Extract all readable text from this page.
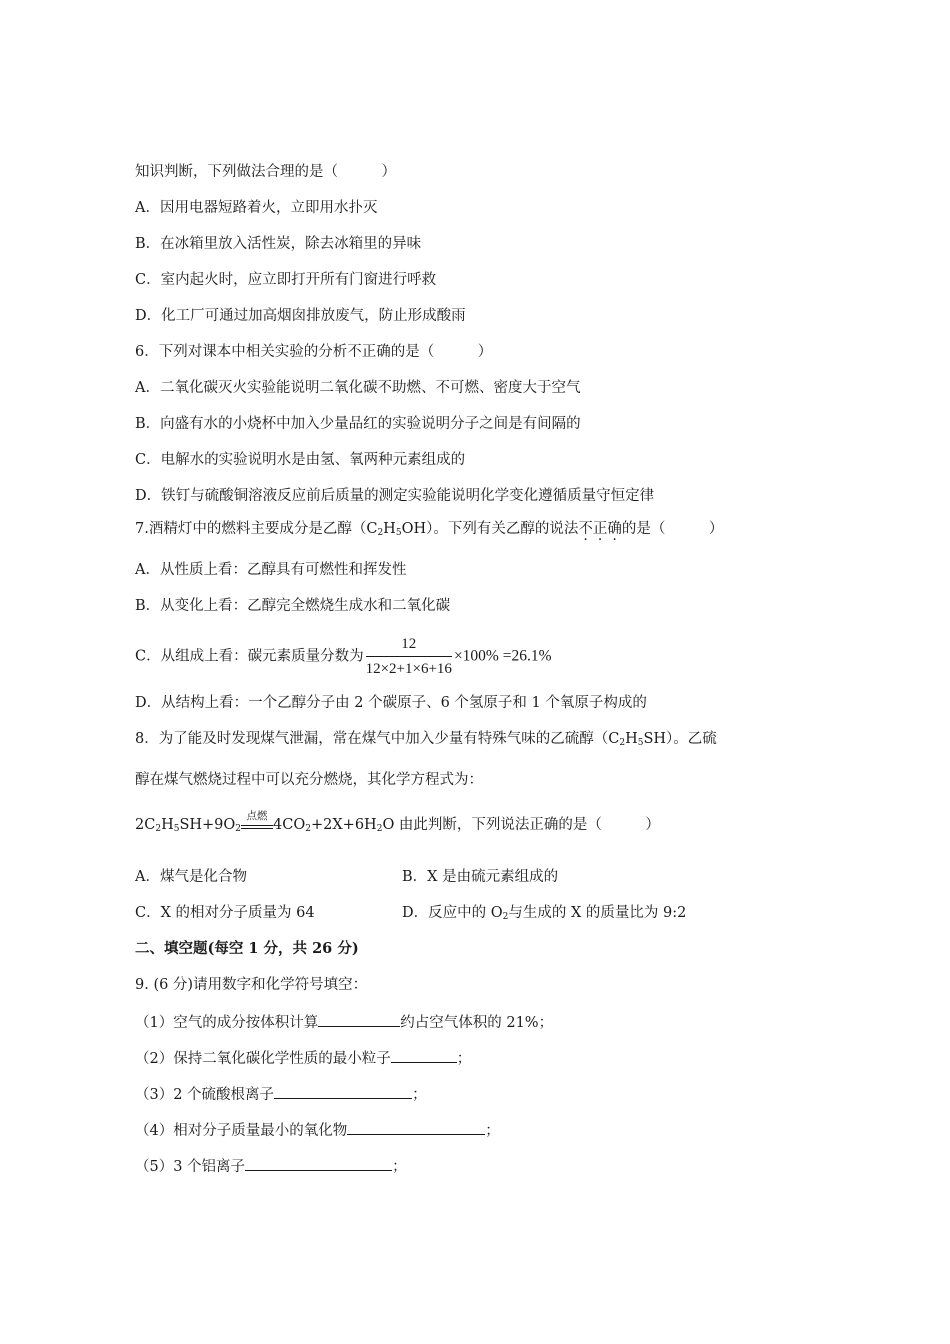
知识判断，下列做法合理的是（　　　）
A．因用电器短路着火，立即用水扑灭
B．在冰箱里放入活性炭，除去冰箱里的异味
C．室内起火时，应立即打开所有门窗进行呼救
D．化工厂可通过加高烟囱排放废气，防止形成酸雨
6．下列对课本中相关实验的分析不正确的是（　　　）
A．二氧化碳灭火实验能说明二氧化碳不助燃、不可燃、密度大于空气
B．向盛有水的小烧杯中加入少量品红的实验说明分子之间是有间隔的
C．电解水的实验说明水是由氢、氧两种元素组成的
D．铁钉与硫酸铜溶液反应前后质量的测定实验能说明化学变化遵循质量守恒定律
7.酒精灯中的燃料主要成分是乙醇$(C_2H_5OH)$。下列有关乙醇的说法不正确的是（　　　）
A．从性质上看：乙醇具有可燃性和挥发性
B．从变化上看：乙醇完全燃烧生成水和二氧化碳
C．从组成上看：碳元素质量分数为 $\frac{12}{12\times 2+1\times 6+16} \times 100\% =26.1\%$
D．从结构上看：一个乙醇分子由 2 个碳原子、6 个氢原子和 1 个氧原子构成的
8．为了能及时发现煤气泄漏，常在煤气中加入少量有特殊气味的乙硫醇$(C_2H_5SH)$。乙硫
醇在煤气燃烧过程中可以充分燃烧，其化学方程式为：
$2C_2H_5SH+9O_2$
点燃
$4CO_2+2X+6H_2O$ 由此判断，下列说法正确的是（　　　）
A．煤气是化合物	B．X 是由硫元素组成的
C．X 的相对分子质量为 64	D．反应中的 $O_2$与生成的 X 的质量比为 9:2
二、填空题(每空 1 分，共 26 分)
9. (6 分)请用数字和化学符号填空：
（1）空气的成分按体积计算	约占空气体积的 21%；
（2）保持二氧化碳化学性质的最小粒子	；
（3）2 个硫酸根离子	；
（4）相对分子质量最小的氧化物	；
（5）3 个铝离子	；
